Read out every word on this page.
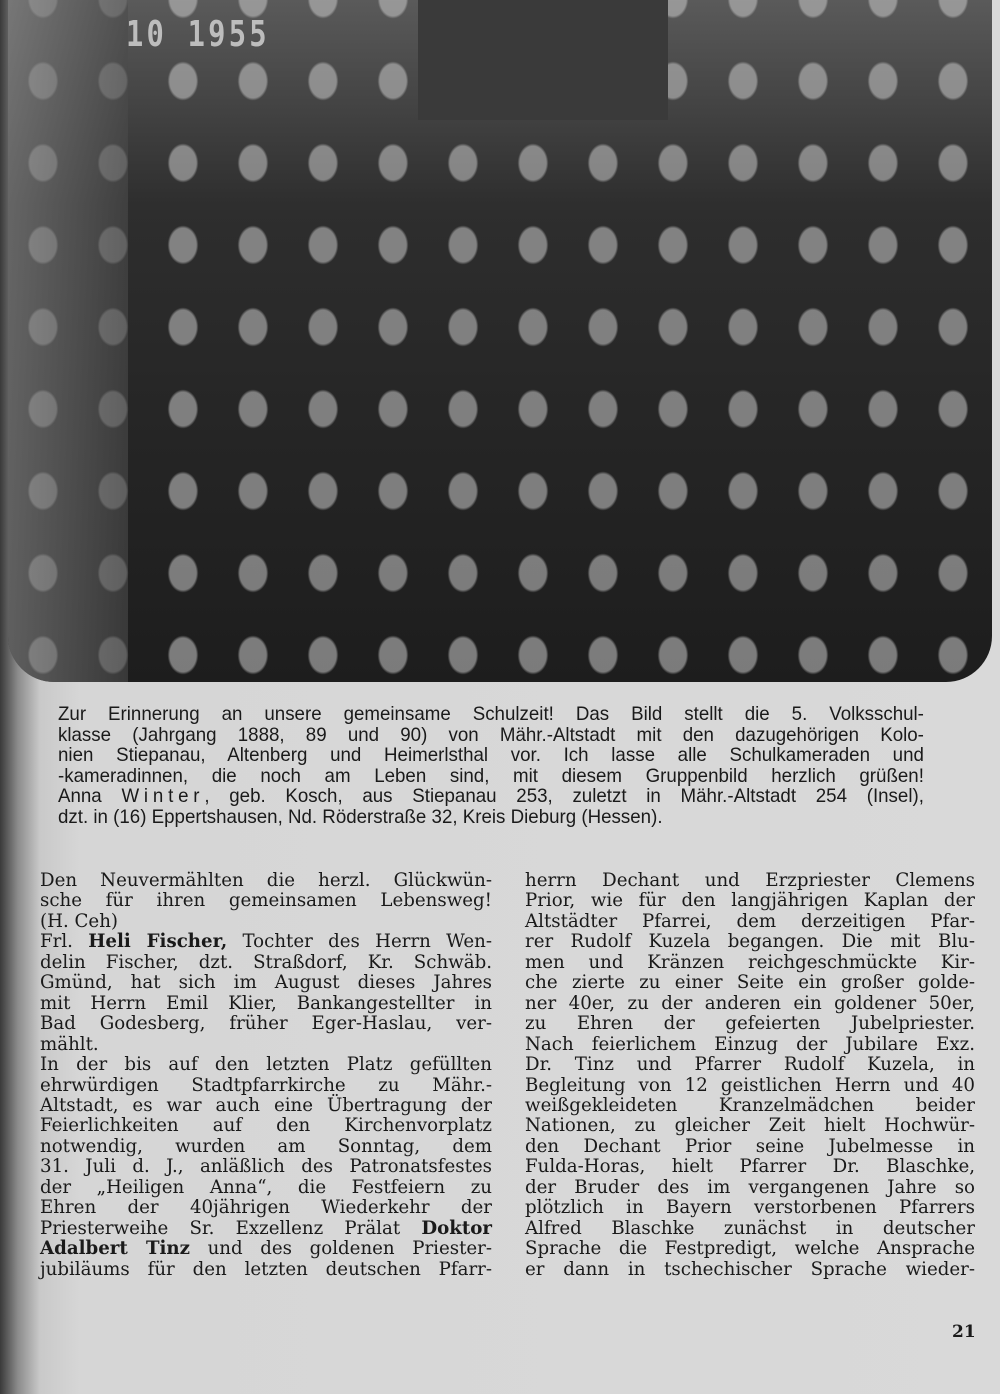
10 1955
Zur Erinnerung an unsere gemeinsame Schulzeit! Das Bild stellt die 5. Volksschul-
klasse (Jahrgang 1888, 89 und 90) von Mähr.-Altstadt mit den dazugehörigen Kolo-
nien Stiepanau, Altenberg und Heimerlsthal vor. Ich lasse alle Schulkameraden und
-kameradinnen, die noch am Leben sind, mit diesem Gruppenbild herzlich grüßen!
Anna Winter, geb. Kosch, aus Stiepanau 253, zuletzt in Mähr.-Altstadt 254 (Insel),
dzt. in (16) Eppertshausen, Nd. Röderstraße 32, Kreis Dieburg (Hessen).
Den Neuvermählten die herzl. Glückwün-
sche für ihren gemeinsamen Lebensweg!
(H. Ceh)
Frl. Heli Fischer, Tochter des Herrn Wen-
delin Fischer, dzt. Straßdorf, Kr. Schwäb.
Gmünd, hat sich im August dieses Jahres
mit Herrn Emil Klier, Bankangestellter in
Bad Godesberg, früher Eger-Haslau, ver-
mählt.
In der bis auf den letzten Platz gefüllten
ehrwürdigen Stadtpfarrkirche zu Mähr.-
Altstadt, es war auch eine Übertragung der
Feierlichkeiten auf den Kirchenvorplatz
notwendig, wurden am Sonntag, dem
31. Juli d. J., anläßlich des Patronatsfestes
der „Heiligen Anna“, die Festfeiern zu
Ehren der 40jährigen Wiederkehr der
Priesterweihe Sr. Exzellenz Prälat Doktor
Adalbert Tinz und des goldenen Priester-
jubiläums für den letzten deutschen Pfarr-
herrn Dechant und Erzpriester Clemens
Prior, wie für den langjährigen Kaplan der
Altstädter Pfarrei, dem derzeitigen Pfar-
rer Rudolf Kuzela begangen. Die mit Blu-
men und Kränzen reichgeschmückte Kir-
che zierte zu einer Seite ein großer golde-
ner 40er, zu der anderen ein goldener 50er,
zu Ehren der gefeierten Jubelpriester.
Nach feierlichem Einzug der Jubilare Exz.
Dr. Tinz und Pfarrer Rudolf Kuzela, in
Begleitung von 12 geistlichen Herrn und 40
weißgekleideten Kranzelmädchen beider
Nationen, zu gleicher Zeit hielt Hochwür-
den Dechant Prior seine Jubelmesse in
Fulda-Horas, hielt Pfarrer Dr. Blaschke,
der Bruder des im vergangenen Jahre so
plötzlich in Bayern verstorbenen Pfarrers
Alfred Blaschke zunächst in deutscher
Sprache die Festpredigt, welche Ansprache
er dann in tschechischer Sprache wieder-
21
